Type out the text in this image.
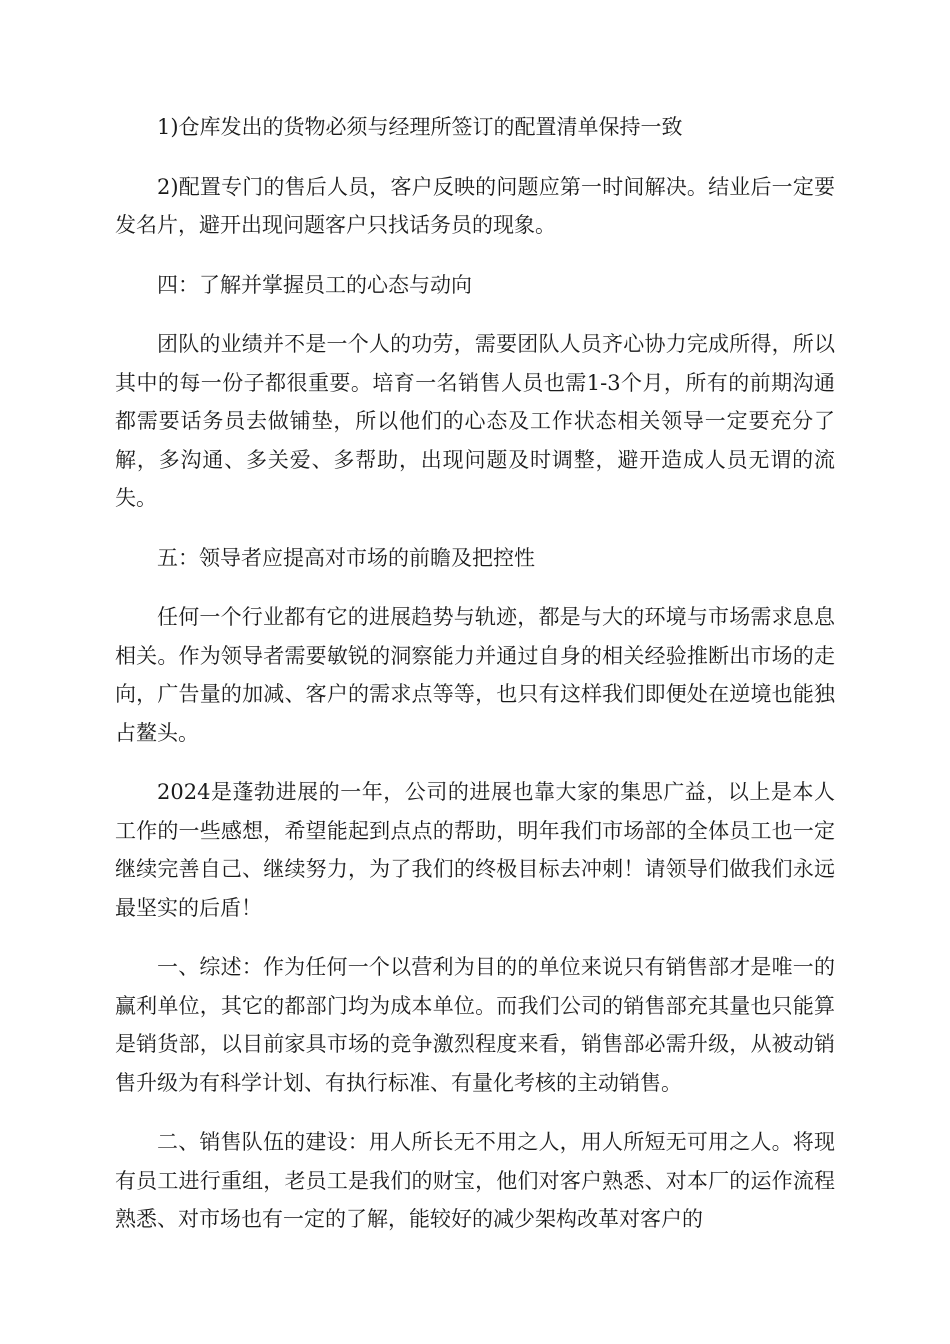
1)仓库发出的货物必须与经理所签订的配置清单保持一致

2)配置专门的售后人员，客户反映的问题应第一时间解决。结业后一定要发名片，避开出现问题客户只找话务员的现象。

四：了解并掌握员工的心态与动向

团队的业绩并不是一个人的功劳，需要团队人员齐心协力完成所得，所以其中的每一份子都很重要。培育一名销售人员也需1-3个月，所有的前期沟通都需要话务员去做铺垫，所以他们的心态及工作状态相关领导一定要充分了解，多沟通、多关爱、多帮助，出现问题及时调整，避开造成人员无谓的流失。

五：领导者应提高对市场的前瞻及把控性

任何一个行业都有它的进展趋势与轨迹，都是与大的环境与市场需求息息相关。作为领导者需要敏锐的洞察能力并通过自身的相关经验推断出市场的走向，广告量的加减、客户的需求点等等，也只有这样我们即便处在逆境也能独占鳌头。

2024是蓬勃进展的一年，公司的进展也靠大家的集思广益，以上是本人工作的一些感想，希望能起到点点的帮助，明年我们市场部的全体员工也一定继续完善自己、继续努力，为了我们的终极目标去冲刺！请领导们做我们永远最坚实的后盾！

一、综述：作为任何一个以营利为目的的单位来说只有销售部才是唯一的赢利单位，其它的都部门均为成本单位。而我们公司的销售部充其量也只能算是销货部，以目前家具市场的竞争激烈程度来看，销售部必需升级，从被动销售升级为有科学计划、有执行标准、有量化考核的主动销售。

二、销售队伍的建设：用人所长无不用之人，用人所短无可用之人。将现有员工进行重组，老员工是我们的财宝，他们对客户熟悉、对本厂的运作流程熟悉、对市场也有一定的了解，能较好的减少架构改革对客户的
